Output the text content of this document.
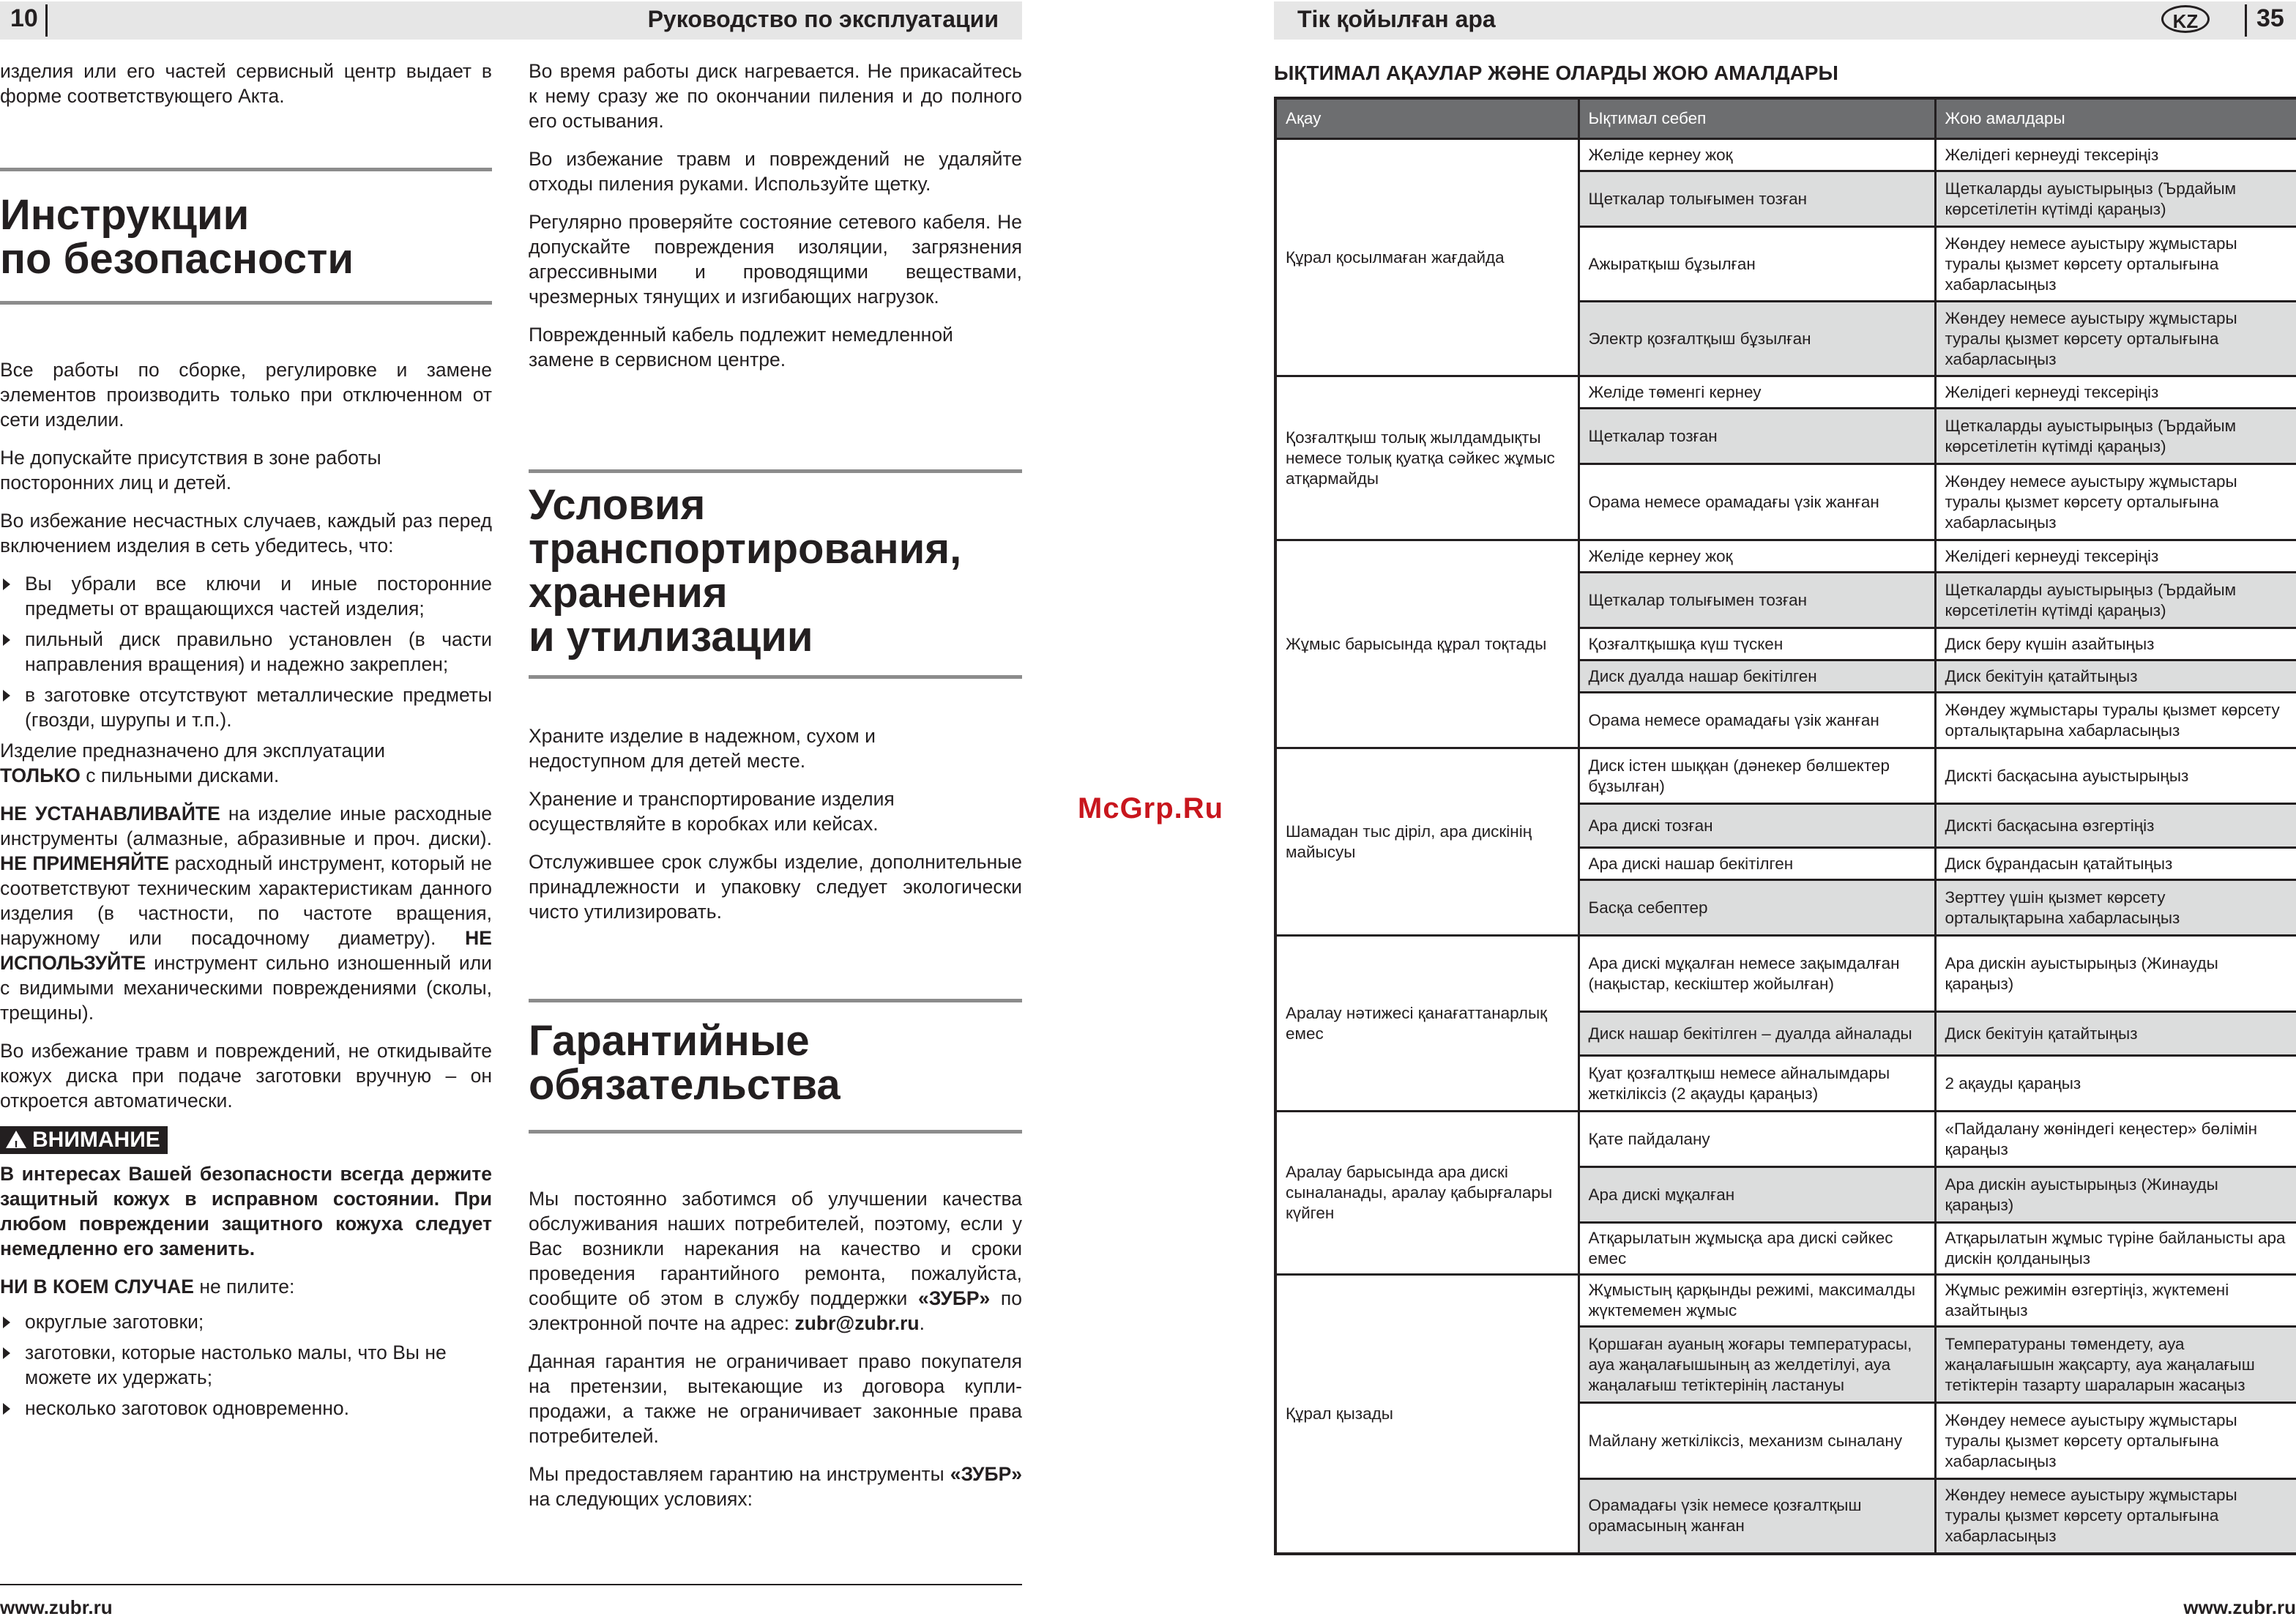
10	Руководство по эксплуатации

изделия или его частей сервисный центр выдает в форме соответствующего Акта.

Инструкции
по безопасности

Все работы по сборке, регулировке и замене элементов производить только при отключенном от сети изделии.

Не допускайте присутствия в зоне работы посторонних лиц и детей.

Во избежание несчастных случаев, каждый раз перед включением изделия в сеть убедитесь, что:

Вы убрали все ключи и иные посторонние предметы от вращающихся частей изделия;
пильный диск правильно установлен (в части направления вращения) и надежно закреплен;
в заготовке отсутствуют металлические предметы (гвозди, шурупы и т.п.).

Изделие предназначено для эксплуатации
ТОЛЬКО с пильными дисками.

НЕ УСТАНАВЛИВАЙТЕ на изделие иные расходные инструменты (алмазные, абразивные и проч. диски). НЕ ПРИМЕНЯЙТЕ расходный инструмент, который не соответствуют техническим характеристикам данного изделия (в частности, по частоте вращения, наружному или посадочному диаметру). НЕ ИСПОЛЬЗУЙТЕ инструмент сильно изношенный или с видимыми механическими повреждениями (сколы, трещины).

Во избежание травм и повреждений, не откидывайте кожух диска при подаче заготовки вручную – он откроется автоматически.

! ВНИМАНИЕ

В интересах Вашей безопасности всегда держите защитный кожух в исправном состоянии. При любом повреждении защитного кожуха следует немедленно его заменить.

НИ В КОЕМ СЛУЧАЕ не пилите:

округлые заготовки;
заготовки, которые настолько малы, что Вы не можете их удержать;
несколько заготовок одновременно.

Во время работы диск нагревается. Не прикасайтесь к нему сразу же по окончании пиления и до полного его остывания.

Во избежание травм и повреждений не удаляйте отходы пиления руками. Используйте щетку.

Регулярно проверяйте состояние сетевого кабеля. Не допускайте повреждения изоляции, загрязнения агрессивными и проводящими веществами, чрезмерных тянущих и изгибающих нагрузок.

Поврежденный кабель подлежит немедленной замене в сервисном центре.

Условия
транспортирования,
хранения
и утилизации

Храните изделие в надежном, сухом и недоступном для детей месте.

Хранение и транспортирование изделия осуществляйте в коробках или кейсах.

Отслужившее срок службы изделие, дополнительные принадлежности и упаковку следует экологически чисто утилизировать.

Гарантийные
обязательства

Мы постоянно заботимся об улучшении качества обслуживания наших потребителей, поэтому, если у Вас возникли нарекания на качество и сроки проведения гарантийного ремонта, пожалуйста, сообщите об этом в службу поддержки «ЗУБР» по электронной почте на адрес: zubr@zubr.ru.

Данная гарантия не ограничивает право покупателя на претензии, вытекающие из договора купли-продажи, а также не ограничивает законные права потребителей.

Мы предоставляем гарантию на инструменты «ЗУБР» на следующих условиях:

www.zubr.ru
McGrp.Ru
Тік қойылған ара	KZ	35
ЫҚТИМАЛ АҚАУЛАР ЖӘНЕ ОЛАРДЫ ЖОЮ АМАЛДАРЫ
Ақау	Ықтимал себеп	Жою амалдары
Құрал қосылмаған жағдайда	Желіде кернеу жоқ	Желідегі кернеуді тексеріңіз
	Щеткалар толығымен тозған	Щеткаларды ауыстырыңыз (Ърдайым көрсетілетін күтімді қараңыз)
	Ажыратқыш бұзылған	Жөндеу немесе ауыстыру жұмыстары туралы қызмет көрсету орталығына хабарласыңыз
	Электр қозғалтқыш бұзылған	Жөндеу немесе ауыстыру жұмыстары туралы қызмет көрсету орталығына хабарласыңыз
Қозғалтқыш толық жылдамдықты немесе толық қуатқа сәйкес жұмыс атқармайды	Желіде төменгі кернеу	Желідегі кернеуді тексеріңіз
	Щеткалар тозған	Щеткаларды ауыстырыңыз (Ърдайым көрсетілетін күтімді қараңыз)
	Орама немесе орамадағы үзік жанған	Жөндеу немесе ауыстыру жұмыстары туралы қызмет көрсету орталығына хабарласыңыз
Жұмыс барысында құрал тоқтады	Желіде кернеу жоқ	Желідегі кернеуді тексеріңіз
	Щеткалар толығымен тозған	Щеткаларды ауыстырыңыз (Ърдайым көрсетілетін күтімді қараңыз)
	Қозғалтқышқа күш түскен	Диск беру күшін азайтыңыз
	Диск дуалда нашар бекітілген	Диск бекітуін қатайтыңыз
	Орама немесе орамадағы үзік жанған	Жөндеу жұмыстары туралы қызмет көрсету орталықтарына хабарласыңыз
Шамадан тыс діріл, ара дискінің майысуы	Диск істен шыққан (дәнекер бөлшектер бұзылған)	Дискті басқасына ауыстырыңыз
	Ара дискі тозған	Дискті басқасына өзгертіңіз
	Ара дискі нашар бекітілген	Диск бұрандасын қатайтыңыз
	Басқа себептер	Зерттеу үшін қызмет көрсету орталықтарына хабарласыңыз
Аралау нәтижесі қанағаттанарлық емес	Ара дискі мұқалған немесе зақымдалған (нақыстар, кескіштер жойылған)	Ара дискін ауыстырыңыз (Жинауды қараңыз)
	Диск нашар бекітілген – дуалда айналады	Диск бекітуін қатайтыңыз
	Қуат қозғалтқыш немесе айналымдары жеткіліксіз (2 ақауды қараңыз)	2 ақауды қараңыз
Аралау барысында ара дискі сыналанады, аралау қабырғалары күйген	Қате пайдалану	«Пайдалану жөніндегі кеңестер» бөлімін қараңыз
	Ара дискі мұқалған	Ара дискін ауыстырыңыз (Жинауды қараңыз)
	Атқарылатын жұмысқа ара дискі сәйкес емес	Атқарылатын жұмыс түріне байланысты ара дискін қолданыңыз
Құрал қызады	Жұмыстың қарқынды режимі, максималды жүктемемен жұмыс	Жұмыс режимін өзгертіңіз, жүктемені азайтыңыз
	Қоршаған ауаның жоғары температурасы, ауа жаңалағышының аз желдетілуі, ауа жаңалағыш тетіктерінің ластануы	Температураны төмендету, ауа жаңалағышын жақсарту, ауа жаңалағыш тетіктерін тазарту шараларын жасаңыз
	Майлану жеткіліксіз, механизм сыналану	Жөндеу немесе ауыстыру жұмыстары туралы қызмет көрсету орталығына хабарласыңыз
	Орамадағы үзік немесе қозғалтқыш орамасының жанған	Жөндеу немесе ауыстыру жұмыстары туралы қызмет көрсету орталығына хабарласыңыз
www.zubr.ru
